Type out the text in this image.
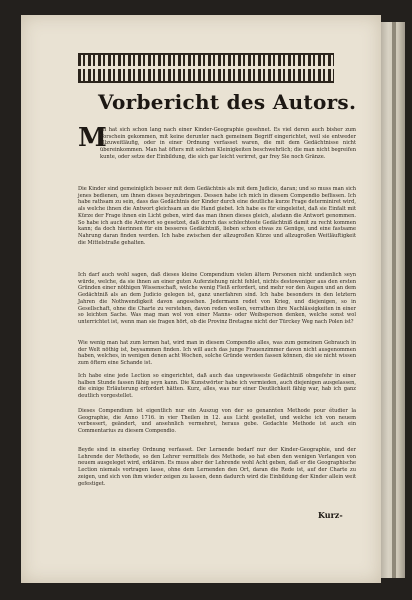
Vorbericht des Autors.
M
an hat sich schon lang nach einer Kinder-Geographie gesehnet. Es viel deren auch bisher zum Vorschein gekommen, mit keine derunter nach gemeinem Begriff eingerichtet, weil sie entweder allzuweitläufig, oder in einer Ordnung verfasset waren, die mit dem Gedächtnisse nicht übereinkommen. Man hat öfters mit solchen Kleinigkeiten beschwehrlich; die man nicht begreifen kunte, oder setze der Einbildung, die sich gar leicht verirret, gar frey Sie noch Gränze.
Die Kinder sind gemeiniglich besser mit dem Gedächtnis als mit dem Judicio, daran; und so muss man sich jenes bedienen, um ihnen dieses beyzubringen. Dessen habe ich mich in diesem Compendio beflissen. Ich habe rathsam zu sein, dass das Gedächtnis der Kinder durch eine deutliche kurze Frage determiniret wird, als welche ihnen die Antwort gleichsam an die Hand giebet. Ich habe es für eingeleitet, daß sie Einfalt mit Kürze der Frage ihnen ein Licht geben, wird das man ihnen dieses gleich, alsdann die Antwort genommen. So habe ich auch die Antwort so gesetzet, daß durch das schlechteste Gedächtniß damit zu recht kommen kann; da doch hierinnen für ein besseres Gedächtniß, lieben schon etwas zu Genüge, und eine fastsame Nahrung daran finden werden. Ich habe zwischen der allzugroßen Kürze und allzugroßen Weitläuftigkeit die Mittelstraße gehalten.
Ich darf auch wohl sagen, daß dieses kleine Compendium vielen ältern Personen nicht undienlich seyn würde, welche, da sie ihnen an einer guten Auferziehung nicht fehlet, nichts destoweniger aus den ersten Gründen einer nöthigen Wissenschaft, welche wenig Fleiß erfordert, und mehr vor den Augen und an dem Gedächtniß als an dem Judicio gelegen ist, ganz unerfahren sind. Ich habe besonders in den letztern Jahren die Nothwendigkeit davon angesehen. Jedermann redet von Krieg, und diejenigen, so in Gesellschaft, ohne die Charte zu verstehen, davon reden wollen, verrathen ihre Nachlässigkeiten in einer so leichten Sache. Was mag man wol von einer Manns- oder Weibsperson denken, welche sonst wol unterrichtet ist, wenn man sie fragen hört, ob die Provinz Bretagne nicht der Türckey Weg nach Polen ist?
Wie wenig man hat zum lernen hat, wird man in diesem Compendio alles, was zum gemeinen Gebrauch in der Welt nöthig ist, beysammen finden. Ich will auch das junge Frauenzimmer davon nicht ausgenommen haben, welches, in wenigen denen acht Wochen, solche Gründe werden fassen können, die sie nicht wissen zum öftern eine Schande ist.
Ich habe eine jede Lection so eingerichtet, daß auch das ungewisseste Gedächtniß obngefehr in einer halben Stunde fassen fähig seyn kann. Die Kunstwörter habe ich vermieden, auch diejenigen ausgelassen, die einige Erläuterung erfordert hätten. Kurz, alles, was nur einer Deutlichkeit fähig war, hab ich ganz deutlich vorgestellet.
Dieses Compendium ist eigentlich nur ein Auszug von der so genannten Methode pour étudier la Geographie, die Anno 1716. in vier Theilen in 12. aus Licht gestellet, und welche ich von neuem verbessert, geändert, und ansehnlich vermehret, heraus gebe. Gedachte Methode ist auch ein Commentarius zu diesem Compendio.
Beyde sind in einerley Ordnung verfasset. Der Lernende bedarf nur der Kinder-Geographie, und der Lehrende der Methode, so den Lehrer vermittels des Methode, so hat eben den wenigen Verlangen von neuem ausgeleget wird, erklären. Es muss aber der Lehrende wohl Acht geben, daß er die Geographische Lection niemals vortragen lasse, ohne dem Lernenden den Ort, daran die Rede ist, auf der Charte zu zeigen, und sich von ihm wieder zeigen zu lassen, denn dadurch wird die Einbildung der Kinder allein weit gefestiget.
Kurz-
